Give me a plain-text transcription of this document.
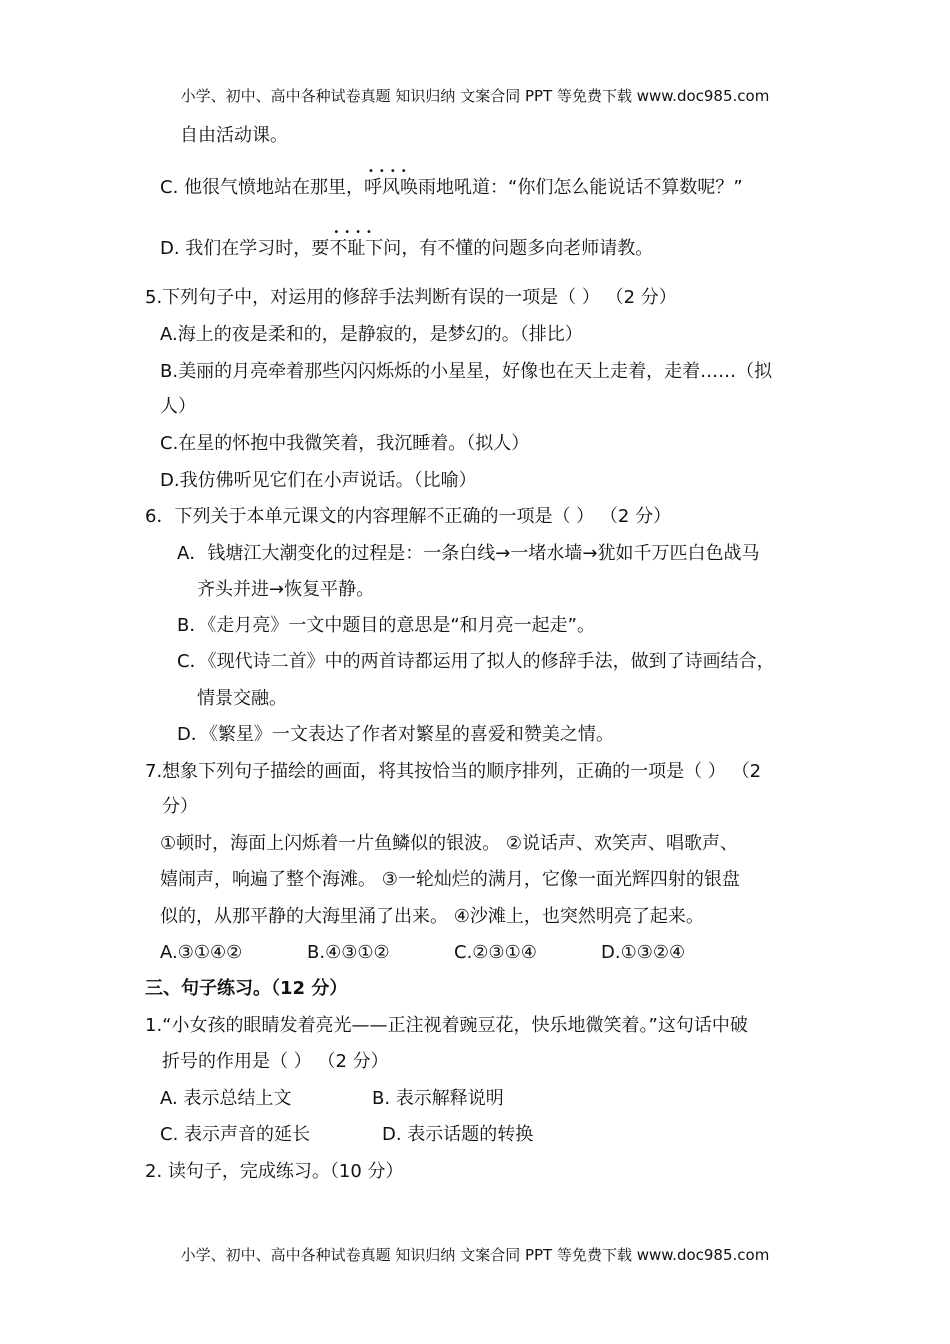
小学、初中、高中各种试卷真题 知识归纳 文案合同 PPT 等免费下载 www.doc985.com
自由活动课。
C. 他很气愤地站在那里，•••• 呼风唤雨地吼道：“你们怎么能说话不算数呢？”
D. 我们在学习时，要•••• 不耻下问，有不懂的问题多向老师请教。
5.下列句子中，对运用的修辞手法判断有误的一项是（ ） （2 分）
A.海上的夜是柔和的，是静寂的，是梦幻的。（排比）
B.美丽的月亮牵着那些闪闪烁烁的小星星，好像也在天上走着，走着……（拟
人）
C.在星的怀抱中我微笑着，我沉睡着。（拟人）
D.我仿佛听见它们在小声说话。（比喻）
6．下列关于本单元课文的内容理解不正确的一项是（ ） （2 分）
A．钱塘江大潮变化的过程是：一条白线→一堵水墙→犹如千万匹白色战马
齐头并进→恢复平静。
B．《走月亮》一文中题目的意思是“和月亮一起走”。
C．《现代诗二首》中的两首诗都运用了拟人的修辞手法，做到了诗画结合，
情景交融。
D．《繁星》一文表达了作者对繁星的喜爱和赞美之情。
7.想象下列句子描绘的画面，将其按恰当的顺序排列，正确的一项是（ ） （2
分）
①顿时，海面上闪烁着一片鱼鳞似的银波。 ②说话声、欢笑声、唱歌声、
嬉闹声，响遍了整个海滩。 ③一轮灿烂的满月，它像一面光辉四射的银盘
似的，从那平静的大海里涌了出来。 ④沙滩上，也突然明亮了起来。
A.③①④②	B.④③①②	C.②③①④	D.①③②④
三、句子练习。（12 分）
1.“小女孩的眼睛发着亮光——正注视着豌豆花，快乐地微笑着。”这句话中破
折号的作用是（ ） （2 分）
A. 表示总结上文	B. 表示解释说明
C. 表示声音的延长	D. 表示话题的转换
2. 读句子，完成练习。（10 分）
小学、初中、高中各种试卷真题 知识归纳 文案合同 PPT 等免费下载 www.doc985.com
